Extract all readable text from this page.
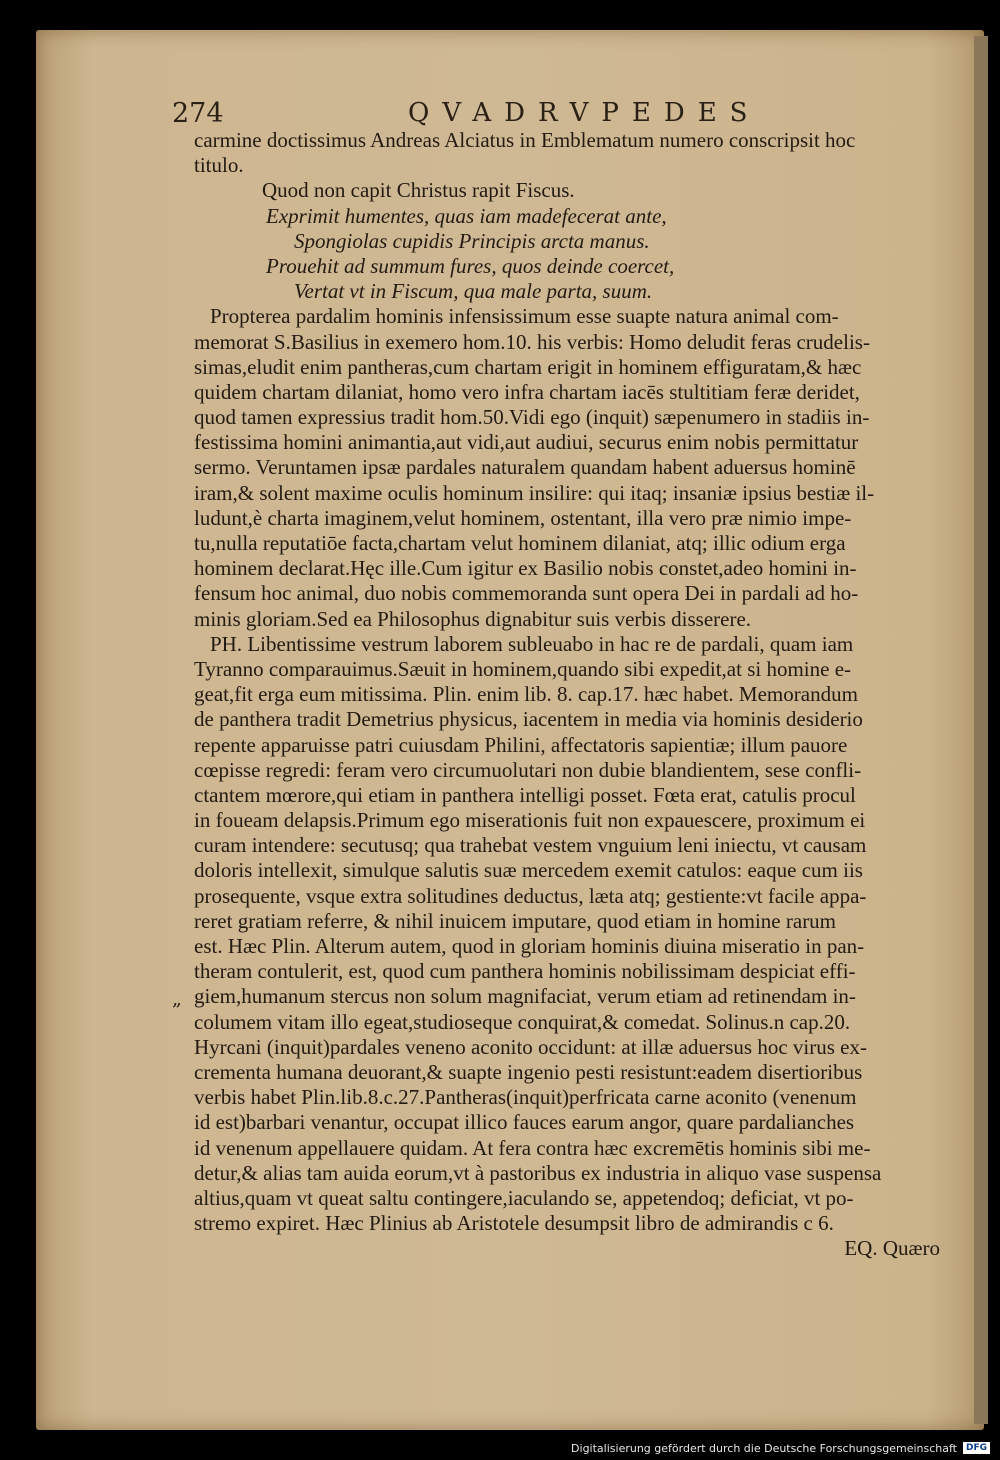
274	QVADRVPEDES
„
carmine doctissimus Andreas Alciatus in Emblematum numero conscripsit hoc
titulo.
Quod non capit Christus rapit Fiscus.
Exprimit humentes, quas iam madefecerat ante,
Spongiolas cupidis Principis arcta manus.
Prouehit ad summum fures, quos deinde coercet,
Vertat vt in Fiscum, qua male parta, suum.
Propterea pardalim hominis infensissimum esse suapte natura animal com-
memorat S.Basilius in exemero hom.10. his verbis: Homo deludit feras crudelis-
simas,eludit enim pantheras,cum chartam erigit in hominem effiguratam,& hæc
quidem chartam dilaniat, homo vero infra chartam iacēs stultitiam feræ deridet,
quod tamen expressius tradit hom.50.Vidi ego (inquit) sæpenumero in stadiis in-
festissima homini animantia,aut vidi,aut audiui, securus enim nobis permittatur
sermo. Veruntamen ipsæ pardales naturalem quandam habent aduersus hominē
iram,& solent maxime oculis hominum insilire: qui itaq; insaniæ ipsius bestiæ il-
ludunt,è charta imaginem,velut hominem, ostentant, illa vero præ nimio impe-
tu,nulla reputatiōe facta,chartam velut hominem dilaniat, atq; illic odium erga
hominem declarat.Hęc ille.Cum igitur ex Basilio nobis constet,adeo homini in-
fensum hoc animal, duo nobis commemoranda sunt opera Dei in pardali ad ho-
minis gloriam.Sed ea Philosophus dignabitur suis verbis disserere.
PH. Libentissime vestrum laborem subleuabo in hac re de pardali, quam iam
Tyranno comparauimus.Sæuit in hominem,quando sibi expedit,at si homine e-
geat,fit erga eum mitissima. Plin. enim lib. 8. cap.17. hæc habet. Memorandum
de panthera tradit Demetrius physicus, iacentem in media via hominis desiderio
repente apparuisse patri cuiusdam Philini, affectatoris sapientiæ; illum pauore
cœpisse regredi: feram vero circumuolutari non dubie blandientem, sese confli-
ctantem mœrore,qui etiam in panthera intelligi posset. Fœta erat, catulis procul
in foueam delapsis.Primum ego miserationis fuit non expauescere, proximum ei
curam intendere: secutusq; qua trahebat vestem vnguium leni iniectu, vt causam
doloris intellexit, simulque salutis suæ mercedem exemit catulos: eaque cum iis
prosequente, vsque extra solitudines deductus, læta atq; gestiente:vt facile appa-
reret gratiam referre, & nihil inuicem imputare, quod etiam in homine rarum
est. Hæc Plin. Alterum autem, quod in gloriam hominis diuina miseratio in pan-
theram contulerit, est, quod cum panthera hominis nobilissimam despiciat effi-
giem,humanum stercus non solum magnifaciat, verum etiam ad retinendam in-
columem vitam illo egeat,studioseque conquirat,& comedat. Solinus.n cap.20.
Hyrcani (inquit)pardales veneno aconito occidunt: at illæ aduersus hoc virus ex-
crementa humana deuorant,& suapte ingenio pesti resistunt:eadem disertioribus
verbis habet Plin.lib.8.c.27.Pantheras(inquit)perfricata carne aconito (venenum
id est)barbari venantur, occupat illico fauces earum angor, quare pardalianches
id venenum appellauere quidam. At fera contra hæc excremētis hominis sibi me-
detur,& alias tam auida eorum,vt à pastoribus ex industria in aliquo vase suspensa
altius,quam vt queat saltu contingere,iaculando se, appetendoq; deficiat, vt po-
stremo expiret. Hæc Plinius ab Aristotele desumpsit libro de admirandis c 6.
EQ. Quæro
Digitalisierung gefördert durch die Deutsche Forschungsgemeinschaft	DFG
